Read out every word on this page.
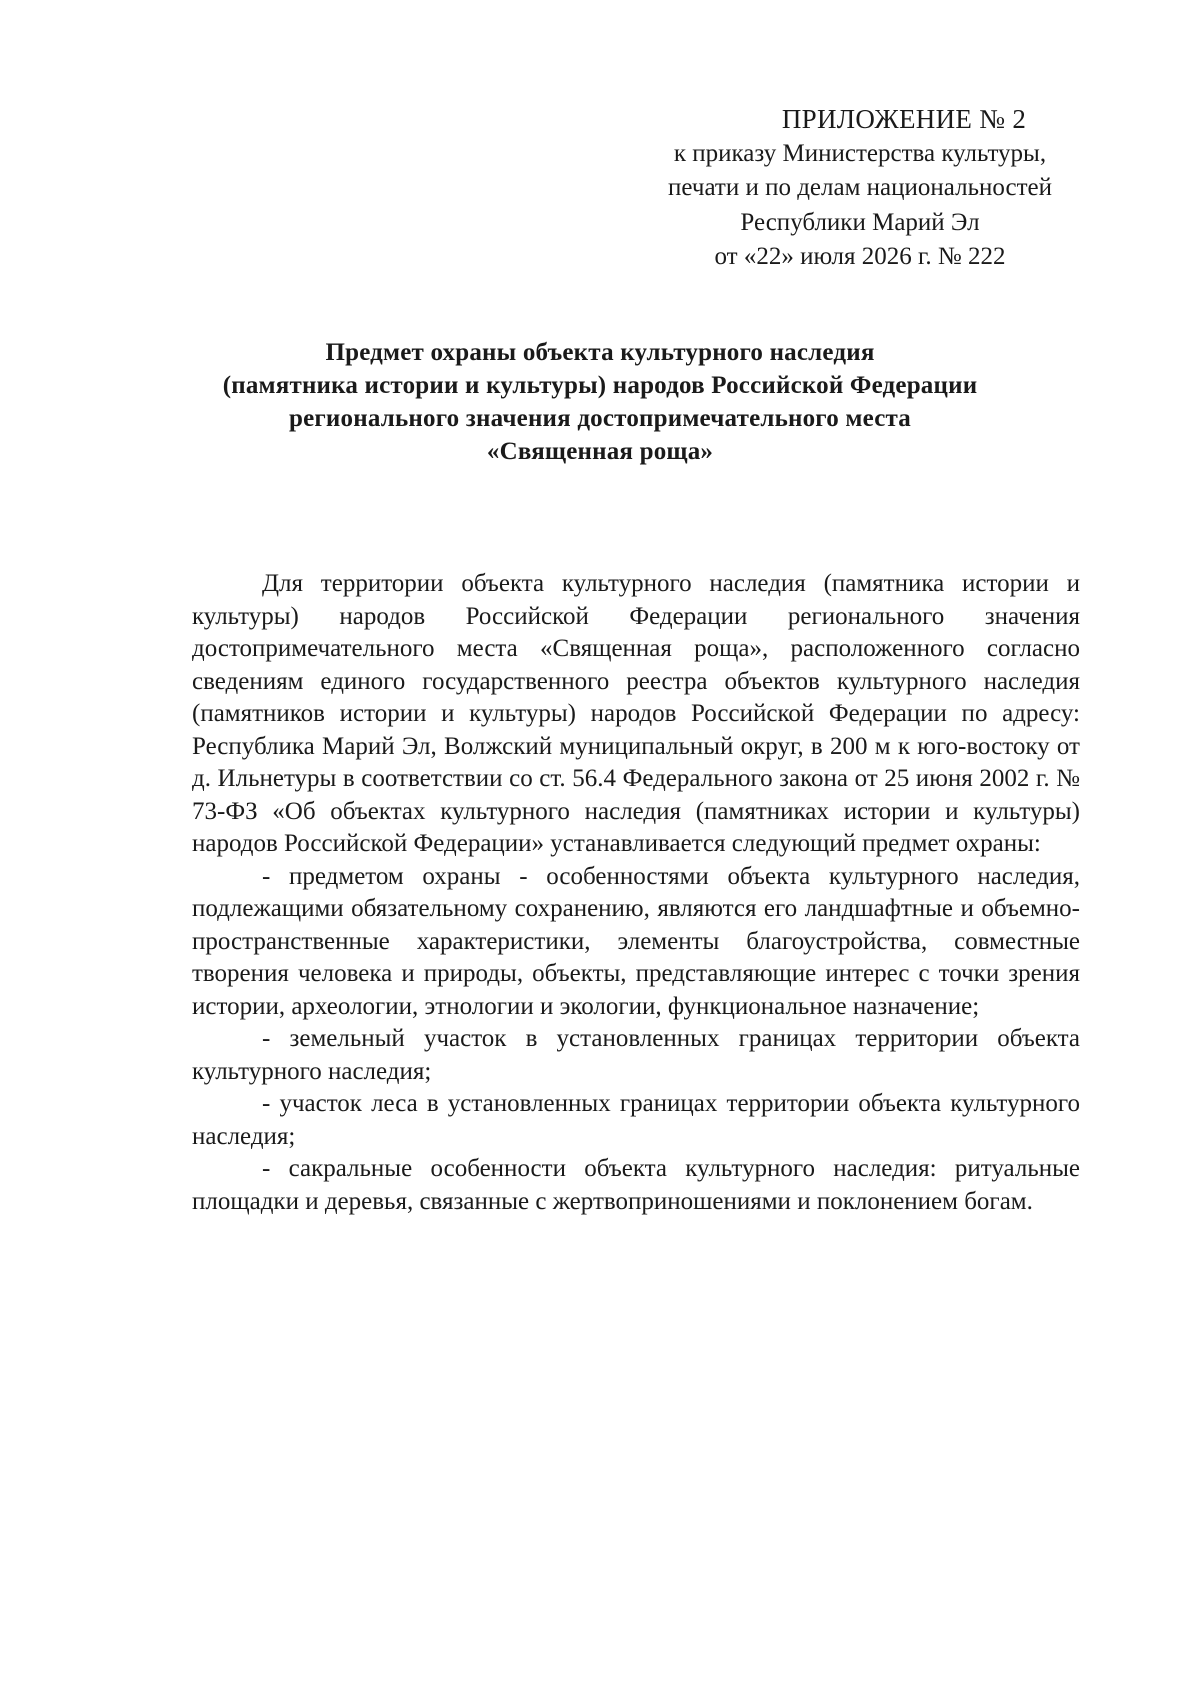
ПРИЛОЖЕНИЕ № 2
к приказу Министерства культуры,
печати и по делам национальностей
Республики Марий Эл
от «22» июля 2026 г. № 222
Предмет охраны объекта культурного наследия
(памятника истории и культуры) народов Российской Федерации
регионального значения достопримечательного места
«Священная роща»

Для территории объекта культурного наследия (памятника истории и культуры) народов Российской Федерации регионального значения достопримечательного места «Священная роща», расположенного согласно сведениям единого государственного реестра объектов культурного наследия (памятников истории и культуры) народов Российской Федерации по адресу: Республика Марий Эл, Волжский муниципальный округ, в 200 м к юго-востоку от д. Ильнетуры в соответствии со ст. 56.4 Федерального закона от 25 июня 2002 г. № 73-ФЗ «Об объектах культурного наследия (памятниках истории и культуры) народов Российской Федерации» устанавливается следующий предмет охраны:

- предметом охраны - особенностями объекта культурного наследия, подлежащими обязательному сохранению, являются его ландшафтные и объемно-пространственные характеристики, элементы благоустройства, совместные творения человека и природы, объекты, представляющие интерес с точки зрения истории, археологии, этнологии и экологии, функциональное назначение;

- земельный участок в установленных границах территории объекта культурного наследия;

- участок леса в установленных границах территории объекта культурного наследия;

- сакральные особенности объекта культурного наследия: ритуальные площадки и деревья, связанные с жертвоприношениями и поклонением богам.
